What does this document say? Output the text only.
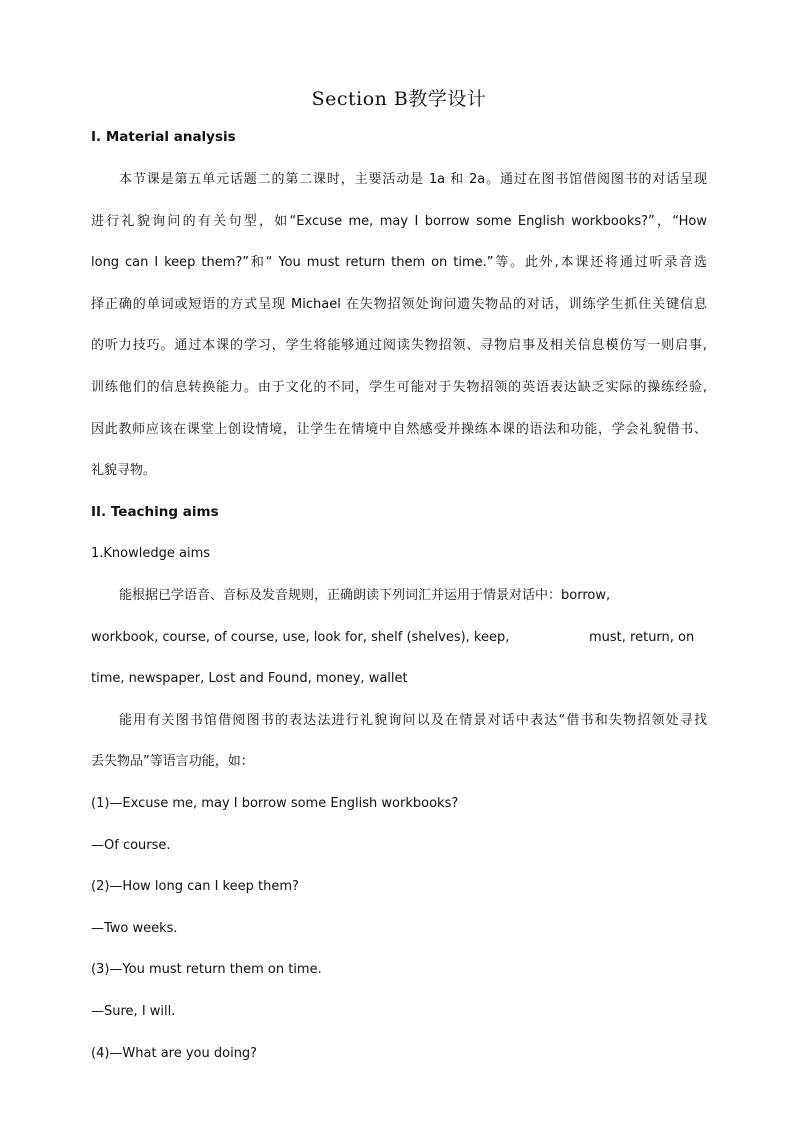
Section B教学设计
I. Material analysis
本节课是第五单元话题二的第二课时，主要活动是 1a 和 2a。通过在图书馆借阅图书的对话呈现
进行礼貌询问的有关句型，如“Excuse me, may I borrow some English workbooks?”，“How
long can I keep them?”和“ You must return them on time.”等。此外,本课还将通过听录音选
择正确的单词或短语的方式呈现 Michael 在失物招领处询问遗失物品的对话，训练学生抓住关键信息
的听力技巧。通过本课的学习，学生将能够通过阅读失物招领、寻物启事及相关信息模仿写一则启事,
训练他们的信息转换能力。由于文化的不同，学生可能对于失物招领的英语表达缺乏实际的操练经验,
因此教师应该在课堂上创设情境，让学生在情境中自然感受并操练本课的语法和功能，学会礼貌借书、
礼貌寻物。
II. Teaching aims
1.Knowledge aims
能根据已学语音、音标及发音规则，正确朗读下列词汇并运用于情景对话中：borrow,
workbook, course, of course, use, look for, shelf (shelves), keep,	must, return, on
time, newspaper, Lost and Found, money, wallet
能用有关图书馆借阅图书的表达法进行礼貌询问以及在情景对话中表达“借书和失物招领处寻找
丢失物品”等语言功能，如：
(1)—Excuse me, may I borrow some English workbooks?
—Of course.
(2)—How long can I keep them?
—Two weeks.
(3)—You must return them on time.
—Sure, I will.
(4)—What are you doing?
